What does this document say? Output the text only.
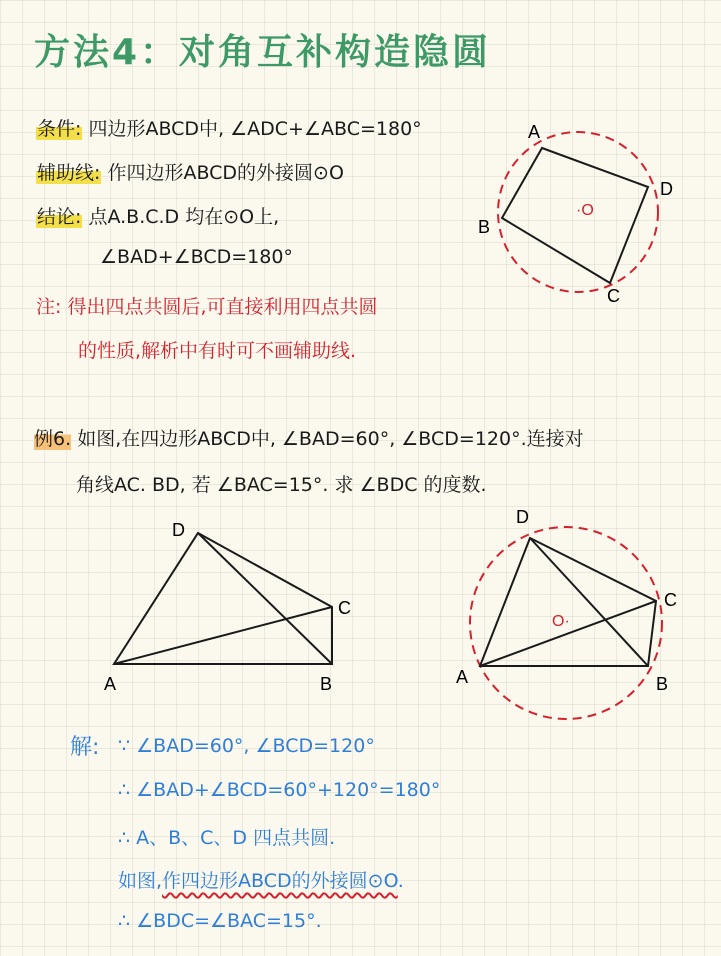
方法4：对角互补构造隐圆
条件: 四边形ABCD中, ∠ADC+∠ABC=180°
辅助线: 作四边形ABCD的外接圆⊙O
结论: 点A.B.C.D 均在⊙O上,
∠BAD+∠BCD=180°
注: 得出四点共圆后,可直接利用四点共圆
的性质,解析中有时可不画辅助线.
A
D
B
C
·O
例6. 如图,在四边形ABCD中, ∠BAD=60°, ∠BCD=120°.连接对
角线AC. BD, 若 ∠BAC=15°. 求 ∠BDC 的度数.
D
C
A	B
D
C
A	B
O·
解: ∵ ∠BAD=60°, ∠BCD=120°
∴ ∠BAD+∠BCD=60°+120°=180°
∴ A、B、C、D 四点共圆.
如图,作四边形ABCD的外接圆⊙O.
∴ ∠BDC=∠BAC=15°.
